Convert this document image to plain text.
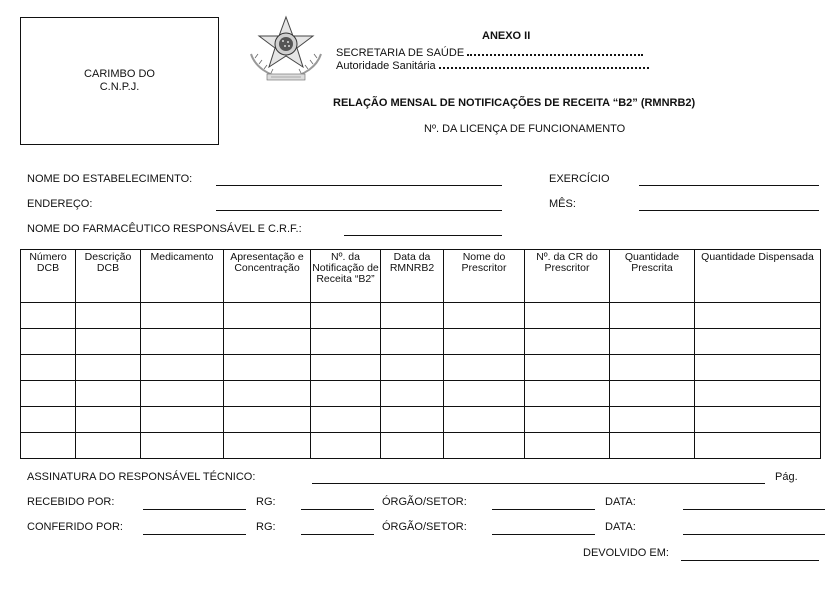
CARIMBO DO
C.N.P.J.
ANEXO II
SECRETARIA DE SAÚDE
Autoridade Sanitária
RELAÇÃO MENSAL DE NOTIFICAÇÕES DE RECEITA “B2” (RMNRB2)
Nº. DA LICENÇA DE FUNCIONAMENTO
NOME DO ESTABELECIMENTO:	EXERCÍCIO
ENDEREÇO:	MÊS:
NOME DO FARMACÊUTICO RESPONSÁVEL E C.R.F.:
Número DCB	Descrição DCB	Medicamento	Apresentação e Concentração	Nº. da Notificação de Receita “B2”	Data da RMNRB2	Nome do Prescritor	Nº. da CR do Prescritor	Quantidade Prescrita	Quantidade Dispensada

ASSINATURA DO RESPONSÁVEL TÉCNICO:	Pág.
RECEBIDO POR:	RG:	ÓRGÃO/SETOR:	DATA:
CONFERIDO POR:	RG:	ÓRGÃO/SETOR:	DATA:
DEVOLVIDO EM:
